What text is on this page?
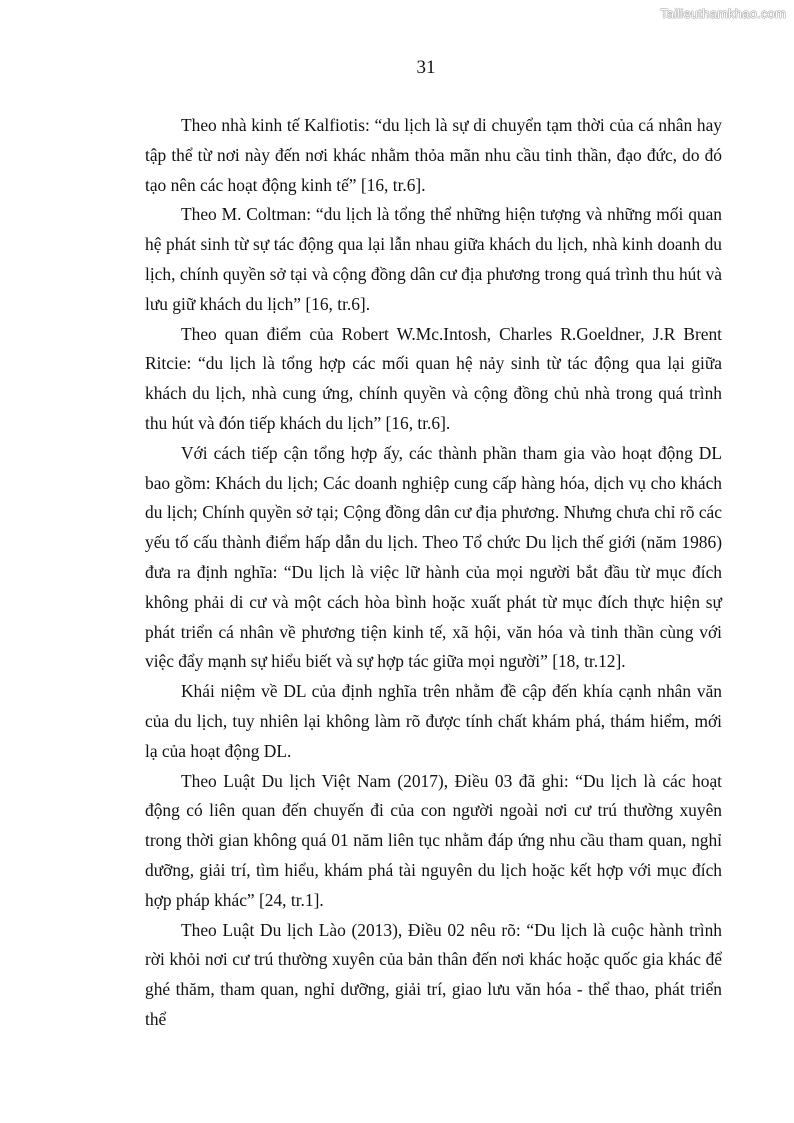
Tailieuthamkhao.com
31

Theo nhà kinh tế Kalfiotis: “du lịch là sự di chuyển tạm thời của cá nhân hay tập thể từ nơi này đến nơi khác nhằm thỏa mãn nhu cầu tinh thần, đạo đức, do đó tạo nên các hoạt động kinh tế” [16, tr.6].

Theo M. Coltman: “du lịch là tổng thể những hiện tượng và những mối quan hệ phát sinh từ sự tác động qua lại lẫn nhau giữa khách du lịch, nhà kinh doanh du lịch, chính quyền sở tại và cộng đồng dân cư địa phương trong quá trình thu hút và lưu giữ khách du lịch” [16, tr.6].

Theo quan điểm của Robert W.Mc.Intosh, Charles R.Goeldner, J.R Brent Ritcie: “du lịch là tổng hợp các mối quan hệ nảy sinh từ tác động qua lại giữa khách du lịch, nhà cung ứng, chính quyền và cộng đồng chủ nhà trong quá trình thu hút và đón tiếp khách du lịch” [16, tr.6].

Với cách tiếp cận tổng hợp ấy, các thành phần tham gia vào hoạt động DL bao gồm: Khách du lịch; Các doanh nghiệp cung cấp hàng hóa, dịch vụ cho khách du lịch; Chính quyền sở tại; Cộng đồng dân cư địa phương. Nhưng chưa chỉ rõ các yếu tố cấu thành điểm hấp dẫn du lịch. Theo Tổ chức Du lịch thế giới (năm 1986) đưa ra định nghĩa: “Du lịch là việc lữ hành của mọi người bắt đầu từ mục đích không phải di cư và một cách hòa bình hoặc xuất phát từ mục đích thực hiện sự phát triển cá nhân về phương tiện kinh tế, xã hội, văn hóa và tinh thần cùng với việc đẩy mạnh sự hiểu biết và sự hợp tác giữa mọi người” [18, tr.12].

Khái niệm về DL của định nghĩa trên nhằm đề cập đến khía cạnh nhân văn của du lịch, tuy nhiên lại không làm rõ được tính chất khám phá, thám hiểm, mới lạ của hoạt động DL.

Theo Luật Du lịch Việt Nam (2017), Điều 03 đã ghi: “Du lịch là các hoạt động có liên quan đến chuyến đi của con người ngoài nơi cư trú thường xuyên trong thời gian không quá 01 năm liên tục nhằm đáp ứng nhu cầu tham quan, nghỉ dưỡng, giải trí, tìm hiểu, khám phá tài nguyên du lịch hoặc kết hợp với mục đích hợp pháp khác” [24, tr.1].

Theo Luật Du lịch Lào (2013), Điều 02 nêu rõ: “Du lịch là cuộc hành trình rời khỏi nơi cư trú thường xuyên của bản thân đến nơi khác hoặc quốc gia khác để ghé thăm, tham quan, nghỉ dưỡng, giải trí, giao lưu văn hóa - thể thao, phát triển thể
